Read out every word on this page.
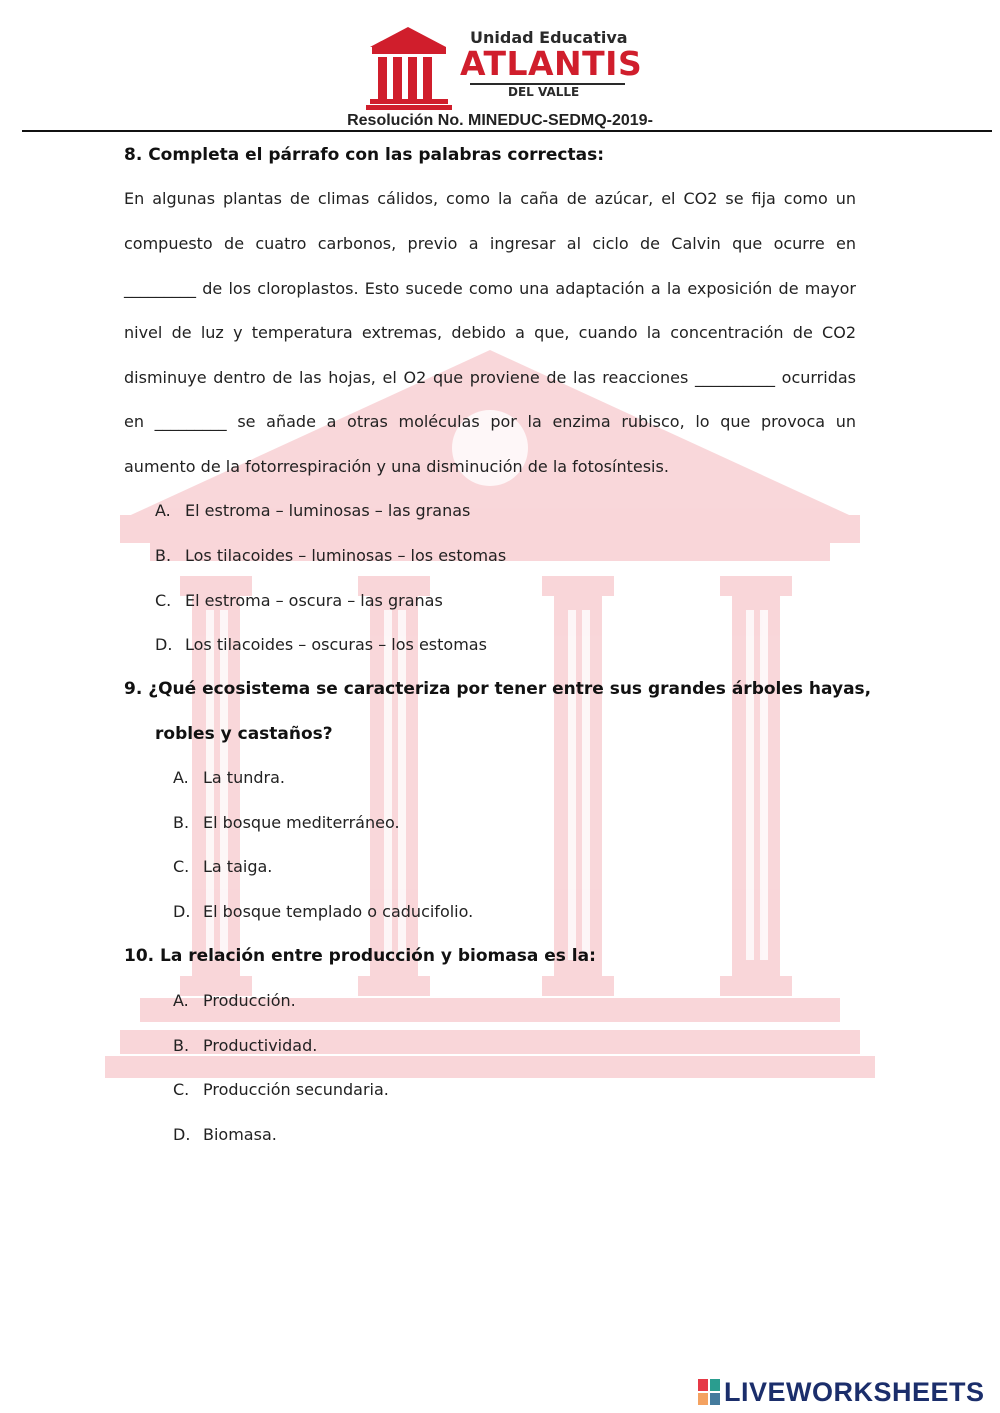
Unidad Educativa
ATLANTIS
DEL VALLE
Resolución No. MINEDUC-SEDMQ-2019-
8. Completa el párrafo con las palabras correctas:
En algunas plantas de climas cálidos, como la caña de azúcar, el CO2 se fija como un
compuesto de cuatro carbonos, previo a ingresar al ciclo de Calvin que ocurre en
_________ de los cloroplastos. Esto sucede como una adaptación a la exposición de mayor
nivel de luz y temperatura extremas, debido a que, cuando la concentración de CO2
disminuye dentro de las hojas, el O2 que proviene de las reacciones __________ ocurridas
en _________ se añade a otras moléculas por la enzima rubisco, lo que provoca un
aumento de la fotorrespiración y una disminución de la fotosíntesis.
A. El estroma – luminosas – las granas
B. Los tilacoides – luminosas – los estomas
C. El estroma – oscura – las granas
D. Los tilacoides – oscuras – los estomas
9. ¿Qué ecosistema se caracteriza por tener entre sus grandes árboles hayas,
robles y castaños?
A. La tundra.
B. El bosque mediterráneo.
C. La taiga.
D. El bosque templado o caducifolio.
10. La relación entre producción y biomasa es la:
A. Producción.
B. Productividad.
C. Producción secundaria.
D. Biomasa.
LIVEWORKSHEETS
